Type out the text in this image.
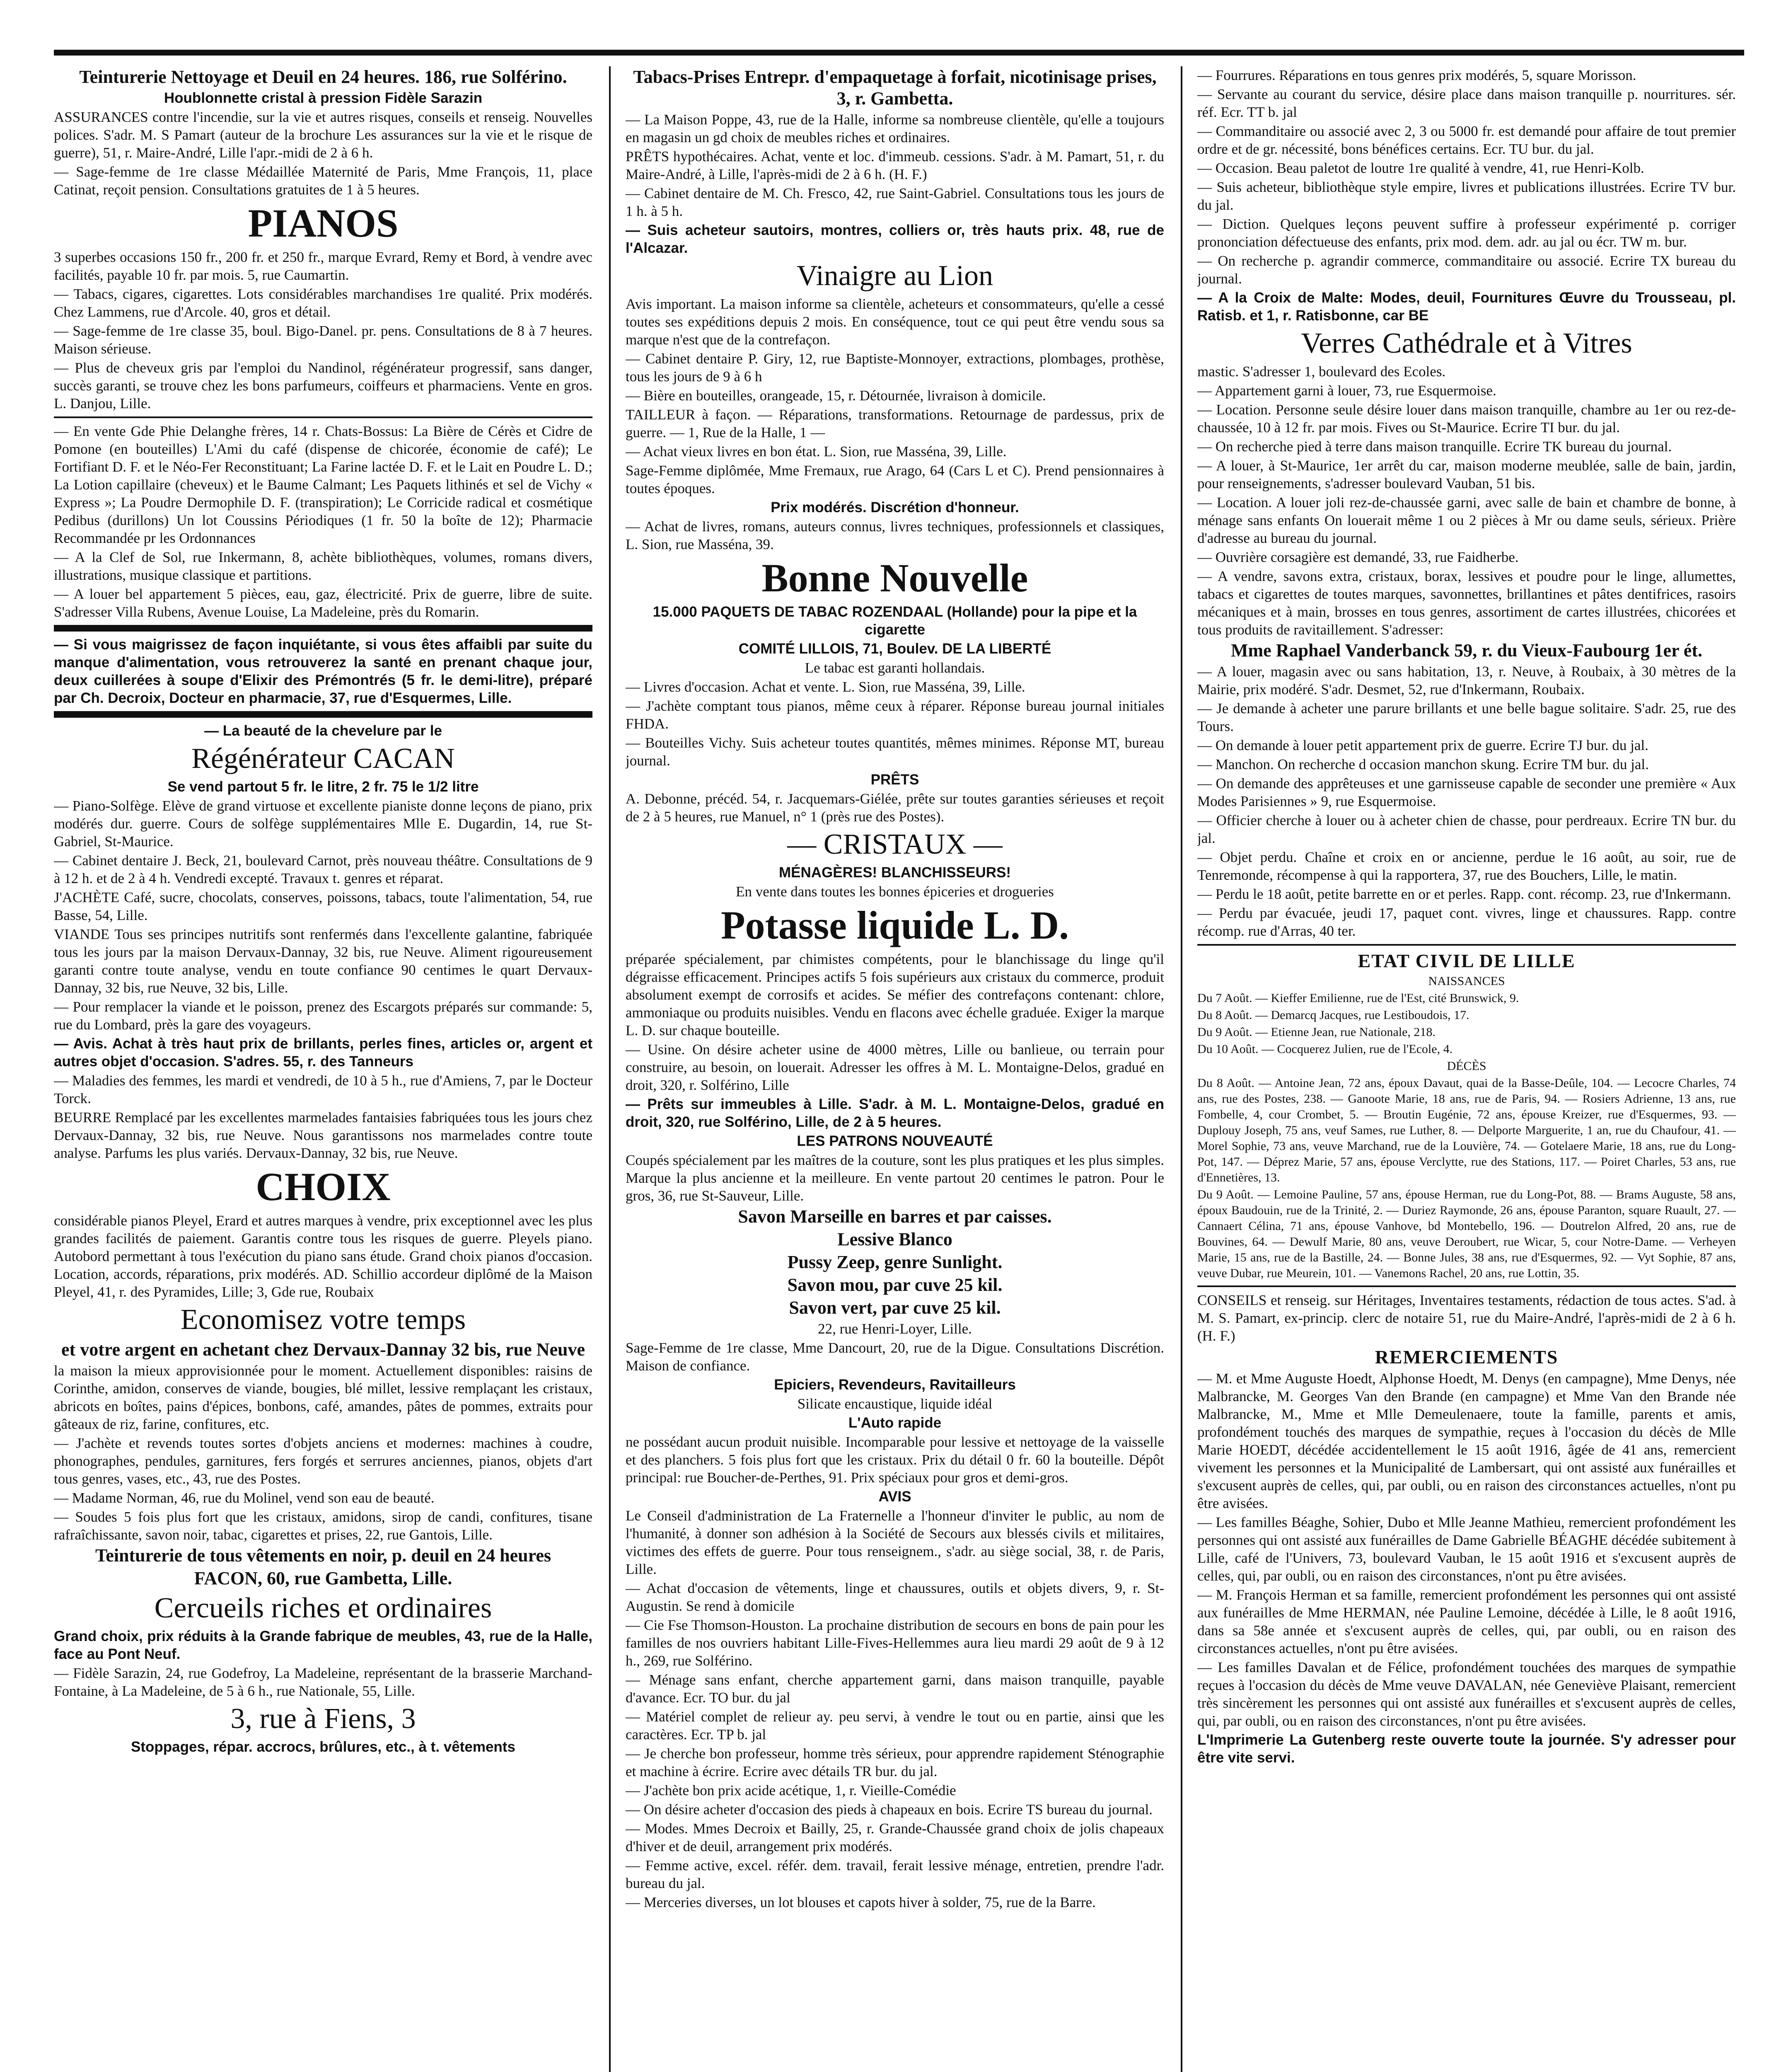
Teinturerie Nettoyage et Deuil en 24 heures. 186, rue Solférino.

Houblonnette cristal à pression Fidèle Sarazin

ASSURANCES contre l'incendie, sur la vie et autres risques, conseils et renseig. Nouvelles polices. S'adr. M. S Pamart (auteur de la brochure Les assurances sur la vie et le risque de guerre), 51, r. Maire-André, Lille l'apr.-midi de 2 à 6 h.

— Sage-femme de 1re classe Médaillée Maternité de Paris, Mme François, 11, place Catinat, reçoit pension. Consultations gratuites de 1 à 5 heures.

PIANOS

3 superbes occasions 150 fr., 200 fr. et 250 fr., marque Evrard, Remy et Bord, à vendre avec facilités, payable 10 fr. par mois. 5, rue Caumartin.

— Tabacs, cigares, cigarettes. Lots considérables marchandises 1re qualité. Prix modérés. Chez Lammens, rue d'Arcole. 40, gros et détail.

— Sage-femme de 1re classe 35, boul. Bigo-Danel. pr. pens. Consultations de 8 à 7 heures. Maison sérieuse.

— Plus de cheveux gris par l'emploi du Nandinol, régénérateur progressif, sans danger, succès garanti, se trouve chez les bons parfumeurs, coiffeurs et pharmaciens. Vente en gros. L. Danjou, Lille.

— En vente Gde Phie Delanghe frères, 14 r. Chats-Bossus: La Bière de Cérès et Cidre de Pomone (en bouteilles) L'Ami du café (dispense de chicorée, économie de café); Le Fortifiant D. F. et le Néo-Fer Reconstituant; La Farine lactée D. F. et le Lait en Poudre L. D.; La Lotion capillaire (cheveux) et le Baume Calmant; Les Paquets lithinés et sel de Vichy « Express »; La Poudre Dermophile D. F. (transpiration); Le Corricide radical et cosmétique Pedibus (durillons) Un lot Coussins Périodiques (1 fr. 50 la boîte de 12); Pharmacie Recommandée pr les Ordonnances

— A la Clef de Sol, rue Inkermann, 8, achète bibliothèques, volumes, romans divers, illustrations, musique classique et partitions.

— A louer bel appartement 5 pièces, eau, gaz, électricité. Prix de guerre, libre de suite. S'adresser Villa Rubens, Avenue Louise, La Madeleine, près du Romarin.

— Si vous maigrissez de façon inquiétante, si vous êtes affaibli par suite du manque d'alimentation, vous retrouverez la santé en prenant chaque jour, deux cuillerées à soupe d'Elixir des Prémontrés (5 fr. le demi-litre), préparé par Ch. Decroix, Docteur en pharmacie, 37, rue d'Esquermes, Lille.

— La beauté de la chevelure par le

Régénérateur CACAN

Se vend partout 5 fr. le litre, 2 fr. 75 le 1/2 litre

— Piano-Solfège. Elève de grand virtuose et excellente pianiste donne leçons de piano, prix modérés dur. guerre. Cours de solfège supplémentaires Mlle E. Dugardin, 14, rue St-Gabriel, St-Maurice.

— Cabinet dentaire J. Beck, 21, boulevard Carnot, près nouveau théâtre. Consultations de 9 à 12 h. et de 2 à 4 h. Vendredi excepté. Travaux t. genres et réparat.

J'ACHÈTE Café, sucre, chocolats, conserves, poissons, tabacs, toute l'alimentation, 54, rue Basse, 54, Lille.

VIANDE Tous ses principes nutritifs sont renfermés dans l'excellente galantine, fabriquée tous les jours par la maison Dervaux-Dannay, 32 bis, rue Neuve. Aliment rigoureusement garanti contre toute analyse, vendu en toute confiance 90 centimes le quart Dervaux-Dannay, 32 bis, rue Neuve, 32 bis, Lille.

— Pour remplacer la viande et le poisson, prenez des Escargots préparés sur commande: 5, rue du Lombard, près la gare des voyageurs.

— Avis. Achat à très haut prix de brillants, perles fines, articles or, argent et autres objet d'occasion. S'adres. 55, r. des Tanneurs

— Maladies des femmes, les mardi et vendredi, de 10 à 5 h., rue d'Amiens, 7, par le Docteur Torck.

BEURRE Remplacé par les excellentes marmelades fantaisies fabriquées tous les jours chez Dervaux-Dannay, 32 bis, rue Neuve. Nous garantissons nos marmelades contre toute analyse. Parfums les plus variés. Dervaux-Dannay, 32 bis, rue Neuve.

CHOIX

considérable pianos Pleyel, Erard et autres marques à vendre, prix exceptionnel avec les plus grandes facilités de paiement. Garantis contre tous les risques de guerre. Pleyels piano. Autobord permettant à tous l'exécution du piano sans étude. Grand choix pianos d'occasion. Location, accords, réparations, prix modérés. AD. Schillio accordeur diplômé de la Maison Pleyel, 41, r. des Pyramides, Lille; 3, Gde rue, Roubaix

Economisez votre temps

et votre argent en achetant chez Dervaux-Dannay 32 bis, rue Neuve

la maison la mieux approvisionnée pour le moment. Actuellement disponibles: raisins de Corinthe, amidon, conserves de viande, bougies, blé millet, lessive remplaçant les cristaux, abricots en boîtes, pains d'épices, bonbons, café, amandes, pâtes de pommes, extraits pour gâteaux de riz, farine, confitures, etc.

— J'achète et revends toutes sortes d'objets anciens et modernes: machines à coudre, phonographes, pendules, garnitures, fers forgés et serrures anciennes, pianos, objets d'art tous genres, vases, etc., 43, rue des Postes.

— Madame Norman, 46, rue du Molinel, vend son eau de beauté.

— Soudes 5 fois plus fort que les cristaux, amidons, sirop de candi, confitures, tisane rafraîchissante, savon noir, tabac, cigarettes et prises, 22, rue Gantois, Lille.

Teinturerie de tous vêtements en noir, p. deuil en 24 heures

FACON, 60, rue Gambetta, Lille.

Cercueils riches et ordinaires

Grand choix, prix réduits à la Grande fabrique de meubles, 43, rue de la Halle, face au Pont Neuf.

— Fidèle Sarazin, 24, rue Godefroy, La Madeleine, représentant de la brasserie Marchand-Fontaine, à La Madeleine, de 5 à 6 h., rue Nationale, 55, Lille.

3, rue à Fiens, 3

Stoppages, répar. accrocs, brûlures, etc., à t. vêtements

Tabacs-Prises Entrepr. d'empaquetage à forfait, nicotinisage prises, 3, r. Gambetta.

— La Maison Poppe, 43, rue de la Halle, informe sa nombreuse clientèle, qu'elle a toujours en magasin un gd choix de meubles riches et ordinaires.

PRÊTS hypothécaires. Achat, vente et loc. d'immeub. cessions. S'adr. à M. Pamart, 51, r. du Maire-André, à Lille, l'après-midi de 2 à 6 h. (H. F.)

— Cabinet dentaire de M. Ch. Fresco, 42, rue Saint-Gabriel. Consultations tous les jours de 1 h. à 5 h.

— Suis acheteur sautoirs, montres, colliers or, très hauts prix. 48, rue de l'Alcazar.

Vinaigre au Lion

Avis important. La maison informe sa clientèle, acheteurs et consommateurs, qu'elle a cessé toutes ses expéditions depuis 2 mois. En conséquence, tout ce qui peut être vendu sous sa marque n'est que de la contrefaçon.

— Cabinet dentaire P. Giry, 12, rue Baptiste-Monnoyer, extractions, plombages, prothèse, tous les jours de 9 à 6 h

— Bière en bouteilles, orangeade, 15, r. Détournée, livraison à domicile.

TAILLEUR à façon. — Réparations, transformations. Retournage de pardessus, prix de guerre. — 1, Rue de la Halle, 1 —

— Achat vieux livres en bon état. L. Sion, rue Masséna, 39, Lille.

Sage-Femme diplômée, Mme Fremaux, rue Arago, 64 (Cars L et C). Prend pensionnaires à toutes époques.

Prix modérés. Discrétion d'honneur.

— Achat de livres, romans, auteurs connus, livres techniques, professionnels et classiques, L. Sion, rue Masséna, 39.

Bonne Nouvelle

15.000 PAQUETS DE TABAC ROZENDAAL (Hollande) pour la pipe et la cigarette

COMITÉ LILLOIS, 71, Boulev. DE LA LIBERTÉ

Le tabac est garanti hollandais.

— Livres d'occasion. Achat et vente. L. Sion, rue Masséna, 39, Lille.

— J'achète comptant tous pianos, même ceux à réparer. Réponse bureau journal initiales FHDA.

— Bouteilles Vichy. Suis acheteur toutes quantités, mêmes minimes. Réponse MT, bureau journal.

PRÊTS

A. Debonne, précéd. 54, r. Jacquemars-Giélée, prête sur toutes garanties sérieuses et reçoit de 2 à 5 heures, rue Manuel, n° 1 (près rue des Postes).

— CRISTAUX —

MÉNAGÈRES! BLANCHISSEURS!

En vente dans toutes les bonnes épiceries et drogueries

Potasse liquide L. D.

préparée spécialement, par chimistes compétents, pour le blanchissage du linge qu'il dégraisse efficacement. Principes actifs 5 fois supérieurs aux cristaux du commerce, produit absolument exempt de corrosifs et acides. Se méfier des contrefaçons contenant: chlore, ammoniaque ou produits nuisibles. Vendu en flacons avec échelle graduée. Exiger la marque L. D. sur chaque bouteille.

— Usine. On désire acheter usine de 4000 mètres, Lille ou banlieue, ou terrain pour construire, au besoin, on louerait. Adresser les offres à M. L. Montaigne-Delos, gradué en droit, 320, r. Solférino, Lille

— Prêts sur immeubles à Lille. S'adr. à M. L. Montaigne-Delos, gradué en droit, 320, rue Solférino, Lille, de 2 à 5 heures.

LES PATRONS NOUVEAUTÉ

Coupés spécialement par les maîtres de la couture, sont les plus pratiques et les plus simples. Marque la plus ancienne et la meilleure. En vente partout 20 centimes le patron. Pour le gros, 36, rue St-Sauveur, Lille.

Savon Marseille en barres et par caisses.

Lessive Blanco

Pussy Zeep, genre Sunlight.

Savon mou, par cuve 25 kil.

Savon vert, par cuve 25 kil.

22, rue Henri-Loyer, Lille.

Sage-Femme de 1re classe, Mme Dancourt, 20, rue de la Digue. Consultations Discrétion. Maison de confiance.

Epiciers, Revendeurs, Ravitailleurs

Silicate encaustique, liquide idéal

L'Auto rapide

ne possédant aucun produit nuisible. Incomparable pour lessive et nettoyage de la vaisselle et des planchers. 5 fois plus fort que les cristaux. Prix du détail 0 fr. 60 la bouteille. Dépôt principal: rue Boucher-de-Perthes, 91. Prix spéciaux pour gros et demi-gros.

AVIS

Le Conseil d'administration de La Fraternelle a l'honneur d'inviter le public, au nom de l'humanité, à donner son adhésion à la Société de Secours aux blessés civils et militaires, victimes des effets de guerre. Pour tous renseignem., s'adr. au siège social, 38, r. de Paris, Lille.

— Achat d'occasion de vêtements, linge et chaussures, outils et objets divers, 9, r. St-Augustin. Se rend à domicile

— Cie Fse Thomson-Houston. La prochaine distribution de secours en bons de pain pour les familles de nos ouvriers habitant Lille-Fives-Hellemmes aura lieu mardi 29 août de 9 à 12 h., 269, rue Solférino.

— Ménage sans enfant, cherche appartement garni, dans maison tranquille, payable d'avance. Ecr. TO bur. du jal

— Matériel complet de relieur ay. peu servi, à vendre le tout ou en partie, ainsi que les caractères. Ecr. TP b. jal

— Je cherche bon professeur, homme très sérieux, pour apprendre rapidement Sténographie et machine à écrire. Ecrire avec détails TR bur. du jal.

— J'achète bon prix acide acétique, 1, r. Vieille-Comédie

— On désire acheter d'occasion des pieds à chapeaux en bois. Ecrire TS bureau du journal.

— Modes. Mmes Decroix et Bailly, 25, r. Grande-Chaussée grand choix de jolis chapeaux d'hiver et de deuil, arrangement prix modérés.

— Femme active, excel. référ. dem. travail, ferait lessive ménage, entretien, prendre l'adr. bureau du jal.

— Merceries diverses, un lot blouses et capots hiver à solder, 75, rue de la Barre.

— Fourrures. Réparations en tous genres prix modérés, 5, square Morisson.

— Servante au courant du service, désire place dans maison tranquille p. nourritures. sér. réf. Ecr. TT b. jal

— Commanditaire ou associé avec 2, 3 ou 5000 fr. est demandé pour affaire de tout premier ordre et de gr. nécessité, bons bénéfices certains. Ecr. TU bur. du jal.

— Occasion. Beau paletot de loutre 1re qualité à vendre, 41, rue Henri-Kolb.

— Suis acheteur, bibliothèque style empire, livres et publications illustrées. Ecrire TV bur. du jal.

— Diction. Quelques leçons peuvent suffire à professeur expérimenté p. corriger prononciation défectueuse des enfants, prix mod. dem. adr. au jal ou écr. TW m. bur.

— On recherche p. agrandir commerce, commanditaire ou associé. Ecrire TX bureau du journal.

— A la Croix de Malte: Modes, deuil, Fournitures Œuvre du Trousseau, pl. Ratisb. et 1, r. Ratisbonne, car BE

Verres Cathédrale et à Vitres

mastic. S'adresser 1, boulevard des Ecoles.

— Appartement garni à louer, 73, rue Esquermoise.

— Location. Personne seule désire louer dans maison tranquille, chambre au 1er ou rez-de-chaussée, 10 à 12 fr. par mois. Fives ou St-Maurice. Ecrire TI bur. du jal.

— On recherche pied à terre dans maison tranquille. Ecrire TK bureau du journal.

— A louer, à St-Maurice, 1er arrêt du car, maison moderne meublée, salle de bain, jardin, pour renseignements, s'adresser boulevard Vauban, 51 bis.

— Location. A louer joli rez-de-chaussée garni, avec salle de bain et chambre de bonne, à ménage sans enfants On louerait même 1 ou 2 pièces à Mr ou dame seuls, sérieux. Prière d'adresse au bureau du journal.

— Ouvrière corsagière est demandé, 33, rue Faidherbe.

— A vendre, savons extra, cristaux, borax, lessives et poudre pour le linge, allumettes, tabacs et cigarettes de toutes marques, savonnettes, brillantines et pâtes dentifrices, rasoirs mécaniques et à main, brosses en tous genres, assortiment de cartes illustrées, chicorées et tous produits de ravitaillement. S'adresser:

Mme Raphael Vanderbanck 59, r. du Vieux-Faubourg 1er ét.

— A louer, magasin avec ou sans habitation, 13, r. Neuve, à Roubaix, à 30 mètres de la Mairie, prix modéré. S'adr. Desmet, 52, rue d'Inkermann, Roubaix.

— Je demande à acheter une parure brillants et une belle bague solitaire. S'adr. 25, rue des Tours.

— On demande à louer petit appartement prix de guerre. Ecrire TJ bur. du jal.

— Manchon. On recherche d occasion manchon skung. Ecrire TM bur. du jal.

— On demande des apprêteuses et une garnisseuse capable de seconder une première « Aux Modes Parisiennes » 9, rue Esquermoise.

— Officier cherche à louer ou à acheter chien de chasse, pour perdreaux. Ecrire TN bur. du jal.

— Objet perdu. Chaîne et croix en or ancienne, perdue le 16 août, au soir, rue de Tenremonde, récompense à qui la rapportera, 37, rue des Bouchers, Lille, le matin.

— Perdu le 18 août, petite barrette en or et perles. Rapp. cont. récomp. 23, rue d'Inkermann.

— Perdu par évacuée, jeudi 17, paquet cont. vivres, linge et chaussures. Rapp. contre récomp. rue d'Arras, 40 ter.

ETAT CIVIL DE LILLE

NAISSANCES

Du 7 Août. — Kieffer Emilienne, rue de l'Est, cité Brunswick, 9.

Du 8 Août. — Demarcq Jacques, rue Lestiboudois, 17.

Du 9 Août. — Etienne Jean, rue Nationale, 218.

Du 10 Août. — Cocquerez Julien, rue de l'Ecole, 4.

DÉCÈS

Du 8 Août. — Antoine Jean, 72 ans, époux Davaut, quai de la Basse-Deûle, 104. — Lecocre Charles, 74 ans, rue des Postes, 238. — Ganoote Marie, 18 ans, rue de Paris, 94. — Rosiers Adrienne, 13 ans, rue Fombelle, 4, cour Crombet, 5. — Broutin Eugénie, 72 ans, épouse Kreizer, rue d'Esquermes, 93. — Duplouy Joseph, 75 ans, veuf Sames, rue Luther, 8. — Delporte Marguerite, 1 an, rue du Chaufour, 41. — Morel Sophie, 73 ans, veuve Marchand, rue de la Louvière, 74. — Gotelaere Marie, 18 ans, rue du Long-Pot, 147. — Déprez Marie, 57 ans, épouse Verclytte, rue des Stations, 117. — Poiret Charles, 53 ans, rue d'Ennetières, 13.

Du 9 Août. — Lemoine Pauline, 57 ans, épouse Herman, rue du Long-Pot, 88. — Brams Auguste, 58 ans, époux Baudouin, rue de la Trinité, 2. — Duriez Raymonde, 26 ans, épouse Paranton, square Ruault, 27. — Cannaert Célina, 71 ans, épouse Vanhove, bd Montebello, 196. — Doutrelon Alfred, 20 ans, rue de Bouvines, 64. — Dewulf Marie, 80 ans, veuve Deroubert, rue Wicar, 5, cour Notre-Dame. — Verheyen Marie, 15 ans, rue de la Bastille, 24. — Bonne Jules, 38 ans, rue d'Esquermes, 92. — Vyt Sophie, 87 ans, veuve Dubar, rue Meurein, 101. — Vanemons Rachel, 20 ans, rue Lottin, 35.

CONSEILS et renseig. sur Héritages, Inventaires testaments, rédaction de tous actes. S'ad. à M. S. Pamart, ex-princip. clerc de notaire 51, rue du Maire-André, l'après-midi de 2 à 6 h. (H. F.)

REMERCIEMENTS

— M. et Mme Auguste Hoedt, Alphonse Hoedt, M. Denys (en campagne), Mme Denys, née Malbrancke, M. Georges Van den Brande (en campagne) et Mme Van den Brande née Malbrancke, M., Mme et Mlle Demeulenaere, toute la famille, parents et amis, profondément touchés des marques de sympathie, reçues à l'occasion du décès de Mlle Marie HOEDT, décédée accidentellement le 15 août 1916, âgée de 41 ans, remercient vivement les personnes et la Municipalité de Lambersart, qui ont assisté aux funérailles et s'excusent auprès de celles, qui, par oubli, ou en raison des circonstances actuelles, n'ont pu être avisées.

— Les familles Béaghe, Sohier, Dubo et Mlle Jeanne Mathieu, remercient profondément les personnes qui ont assisté aux funérailles de Dame Gabrielle BÉAGHE décédée subitement à Lille, café de l'Univers, 73, boulevard Vauban, le 15 août 1916 et s'excusent auprès de celles, qui, par oubli, ou en raison des circonstances, n'ont pu être avisées.

— M. François Herman et sa famille, remercient profondément les personnes qui ont assisté aux funérailles de Mme HERMAN, née Pauline Lemoine, décédée à Lille, le 8 août 1916, dans sa 58e année et s'excusent auprès de celles, qui, par oubli, ou en raison des circonstances actuelles, n'ont pu être avisées.

— Les familles Davalan et de Félice, profondément touchées des marques de sympathie reçues à l'occasion du décès de Mme veuve DAVALAN, née Geneviève Plaisant, remercient très sincèrement les personnes qui ont assisté aux funérailles et s'excusent auprès de celles, qui, par oubli, ou en raison des circonstances, n'ont pu être avisées.

L'Imprimerie La Gutenberg reste ouverte toute la journée. S'y adresser pour être vite servi.
